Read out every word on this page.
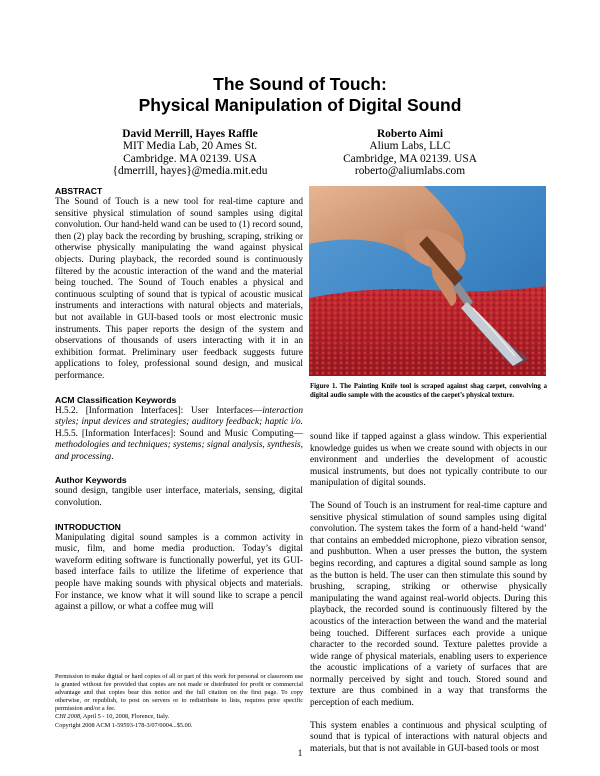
The Sound of Touch:
Physical Manipulation of Digital Sound
David Merrill, Hayes Raffle
MIT Media Lab, 20 Ames St.
Cambridge. MA 02139. USA
{dmerrill, hayes}@media.mit.edu
Roberto Aimi
Alium Labs, LLC
Cambridge, MA 02139. USA
roberto@aliumlabs.com

ABSTRACT

The Sound of Touch is a new tool for real-time capture and sensitive physical stimulation of sound samples using digital convolution. Our hand-held wand can be used to (1) record sound, then (2) play back the recording by brushing, scraping, striking or otherwise physically manipulating the wand against physical objects. During playback, the recorded sound is continuously filtered by the acoustic interaction of the wand and the material being touched. The Sound of Touch enables a physical and continuous sculpting of sound that is typical of acoustic musical instruments and interactions with natural objects and materials, but not available in GUI-based tools or most electronic music instruments. This paper reports the design of the system and observations of thousands of users interacting with it in an exhibition format. Preliminary user feedback suggests future applications to foley, professional sound design, and musical performance.

ACM Classification Keywords

H.5.2. [Information Interfaces]: User Interfaces—interaction styles; input devices and strategies; auditory feedback; haptic i/o. H.5.5. [Information Interfaces]: Sound and Music Computing—methodologies and techniques; systems; signal analysis, synthesis, and processing.

Author Keywords

sound design, tangible user interface, materials, sensing, digital convolution.

INTRODUCTION

Manipulating digital sound samples is a common activity in music, film, and home media production. Today’s digital waveform editing software is functionally powerful, yet its GUI-based interface fails to utilize the lifetime of experience that people have making sounds with physical objects and materials. For instance, we know what it will sound like to scrape a pencil against a pillow, or what a coffee mug will

Permission to make digital or hard copies of all or part of this work for personal or classroom use is granted without fee provided that copies are not made or distributed for profit or commercial advantage and that copies bear this notice and the full citation on the first page. To copy otherwise, or republish, to post on servers or to redistribute to lists, requires prior specific permission and/or a fee.

CHI 2008, April 5 - 10, 2008, Florence, Italy.

Copyright 2008 ACM 1-59593-178-3/07/0004...$5.00.

Figure 1. The Painting Knife tool is scraped against shag carpet, convolving a digital audio sample with the acoustics of the carpet’s physical texture.

sound like if tapped against a glass window. This experiential knowledge guides us when we create sound with objects in our environment and underlies the development of acoustic musical instruments, but does not typically contribute to our manipulation of digital sounds.

The Sound of Touch is an instrument for real-time capture and sensitive physical stimulation of sound samples using digital convolution. The system takes the form of a hand-held ‘wand’ that contains an embedded microphone, piezo vibration sensor, and pushbutton. When a user presses the button, the system begins recording, and captures a digital sound sample as long as the button is held. The user can then stimulate this sound by brushing, scraping, striking or otherwise physically manipulating the wand against real-world objects. During this playback, the recorded sound is continuously filtered by the acoustics of the interaction between the wand and the material being touched. Different surfaces each provide a unique character to the recorded sound. Texture palettes provide a wide range of physical materials, enabling users to experience the acoustic implications of a variety of surfaces that are normally perceived by sight and touch. Stored sound and texture are thus combined in a way that transforms the perception of each medium.

This system enables a continuous and physical sculpting of sound that is typical of interactions with natural objects and materials, but that is not available in GUI-based tools or most

1
